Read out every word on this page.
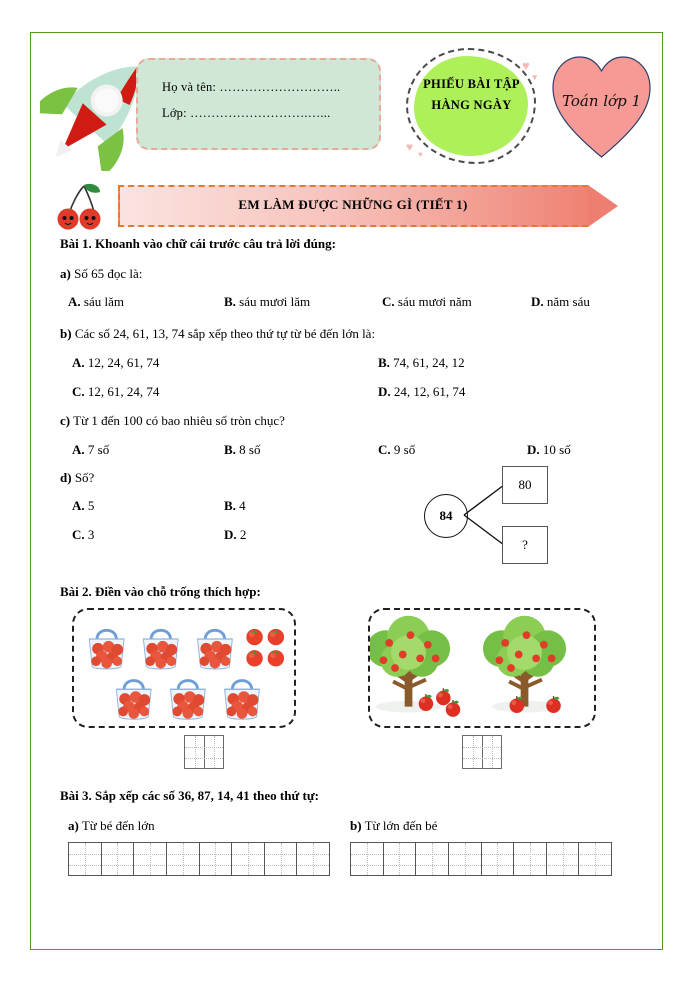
Họ và tên: ………………………..
Lớp: ……………………….…...
PHIẾU BÀI TẬP
HÀNG NGÀY
♥
♥
♥
♥
Toán lớp 1
EM LÀM ĐƯỢC NHỮNG GÌ (TIẾT 1)
Bài 1. Khoanh vào chữ cái trước câu trả lời đúng:
a) Số 65 đọc là:
A. sáu lăm	B. sáu mươi lăm	C. sáu mươi năm	D. năm sáu
b) Các số 24, 61, 13, 74 sắp xếp theo thứ tự từ bé đến lớn là:
A. 12, 24, 61, 74	B. 74, 61, 24, 12
C. 12, 61, 24, 74	D. 24, 12, 61, 74
c) Từ 1 đến 100 có bao nhiêu số tròn chục?
A. 7 số	B. 8 số	C. 9 số	D. 10 số
d) Số?
A. 5	B. 4
C. 3	D. 2
84
80
?
Bài 2. Điền vào chỗ trống thích hợp:
Bài 3. Sắp xếp các số 36, 87, 14, 41 theo thứ tự:
a) Từ bé đến lớn	b) Từ lớn đến bé
